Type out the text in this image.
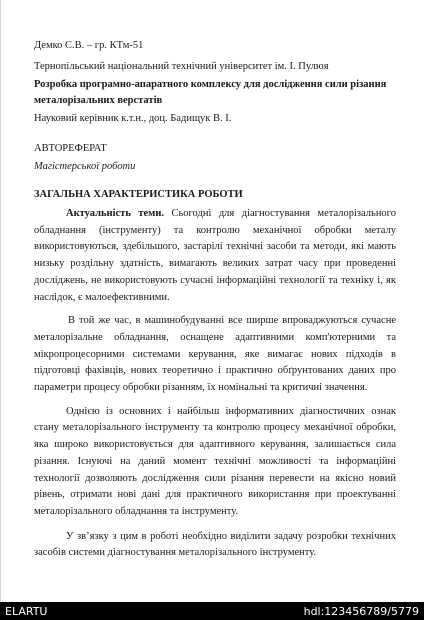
Демко С.В. – гр. КТм-51
Тернопільський національний технічний університет ім. І. Пулюя
Розробка програмно-апаратного комплексу для дослідження сили різання
металорізальних верстатів
Науковий керівник к.т.н., доц. Бадищук В. І.
АВТОРЕФЕРАТ
Магістерської роботи
ЗАГАЛЬНА ХАРАКТЕРИСТИКА РОБОТИ
Актуальність теми. Сьогодні для діагностування металорізального обладнання (інструменту) та контролю механічної обробки металу використовуються, здебільшого, застарілі технічні засоби та методи, які мають низьку роздільну здатність, вимагають великих затрат часу при проведенні досліджень, не використовують сучасні інформаційні технології та техніку і, як наслідок, є малоефективними.
В той же час, в машинобудуванні все ширше впроваджуються сучасне металорізальне обладнання, оснащене адаптивними комп'ютерними та мікропроцесорними системами керування, яке вимагає нових підходів в підготовці фахівців, нових теоретично і практично обґрунтованих даних про параметри процесу обробки різанням, їх номінальні та критичні значення.
Однією із основних і найбільш інформативних діагностичних ознак стану металорізального інструменту та контролю процесу механічної обробки, яка широко використовується для адаптивного керування, залишається сила різання. Існуючі на даний момент технічні можливості та інформаційні технології дозволяють дослідження сили різання перевести на якісно новий рівень, отримати нові дані для практичного використання при проектуванні металорізального обладнання та інструменту.
У зв’язку з цим в роботі необхідно виділити задачу розробки технічних засобів системи діагностування металорізального інструменту.
ELARTU	hdl:123456789/5779
